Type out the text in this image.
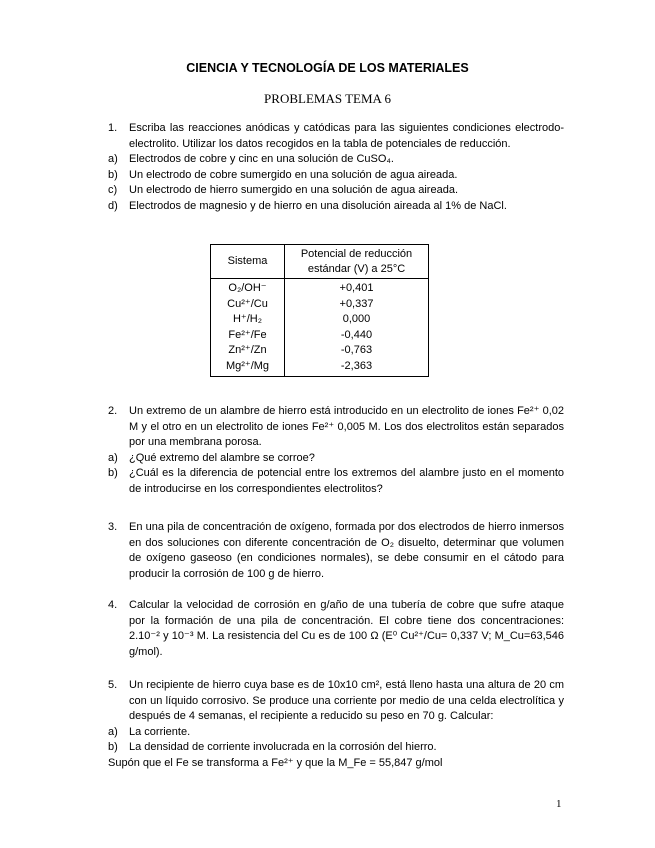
CIENCIA Y TECNOLOGÍA DE LOS MATERIALES
PROBLEMAS TEMA 6
1. Escriba las reacciones anódicas y catódicas para las siguientes condiciones electrodo-electrolito. Utilizar los datos recogidos en la tabla de potenciales de reducción.
a) Electrodos de cobre y cinc en una solución de CuSO₄.
b) Un electrodo de cobre sumergido en una solución de agua aireada.
c) Un electrodo de hierro sumergido en una solución de agua aireada.
d) Electrodos de magnesio y de hierro en una disolución aireada al 1% de NaCl.
Sistema	Potencial de reducción estándar (V) a 25°C
O₂/OH⁻	+0,401
Cu²⁺/Cu	+0,337
H⁺/H₂	0,000
Fe²⁺/Fe	-0,440
Zn²⁺/Zn	-0,763
Mg²⁺/Mg	-2,363
2. Un extremo de un alambre de hierro está introducido en un electrolito de iones Fe²⁺ 0,02 M y el otro en un electrolito de iones Fe²⁺ 0,005 M. Los dos electrolitos están separados por una membrana porosa.
a) ¿Qué extremo del alambre se corroe?
b) ¿Cuál es la diferencia de potencial entre los extremos del alambre justo en el momento de introducirse en los correspondientes electrolitos?
3. En una pila de concentración de oxígeno, formada por dos electrodos de hierro inmersos en dos soluciones con diferente concentración de O₂ disuelto, determinar que volumen de oxígeno gaseoso (en condiciones normales), se debe consumir en el cátodo para producir la corrosión de 100 g de hierro.
4. Calcular la velocidad de corrosión en g/año de una tubería de cobre que sufre ataque por la formación de una pila de concentración. El cobre tiene dos concentraciones: 2.10⁻² y 10⁻³ M. La resistencia del Cu es de 100 Ω (E⁰ Cu²⁺/Cu= 0,337 V; M_Cu=63,546 g/mol).
5. Un recipiente de hierro cuya base es de 10x10 cm², está lleno hasta una altura de 20 cm con un líquido corrosivo. Se produce una corriente por medio de una celda electrolítica y después de 4 semanas, el recipiente a reducido su peso en 70 g. Calcular:
a) La corriente.
b) La densidad de corriente involucrada en la corrosión del hierro.
Supón que el Fe se transforma a Fe²⁺ y que la M_Fe = 55,847 g/mol
1
